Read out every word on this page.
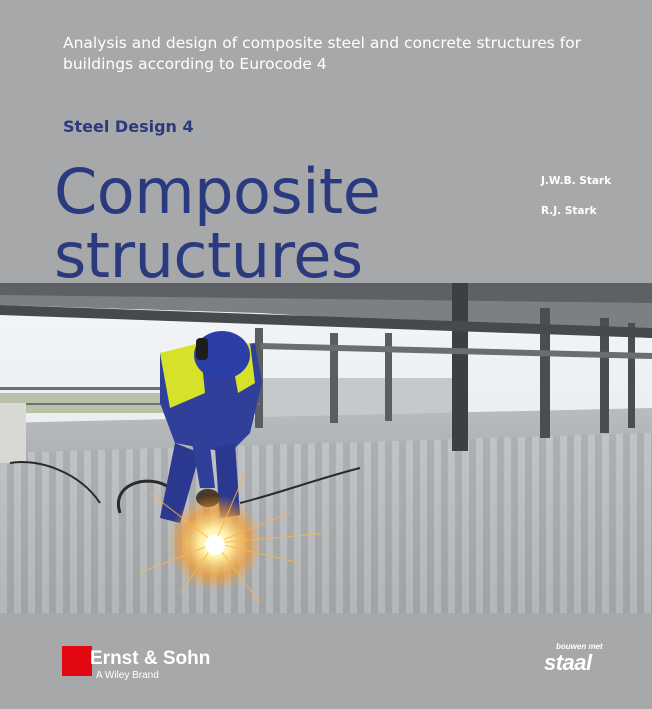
Analysis and design of composite steel and concrete structures for buildings according to Eurocode 4
Steel Design 4
J.W.B. Stark
R.J. Stark
Composite
structures
Ernst & Sohn
A Wiley Brand
bouwen met
staal
